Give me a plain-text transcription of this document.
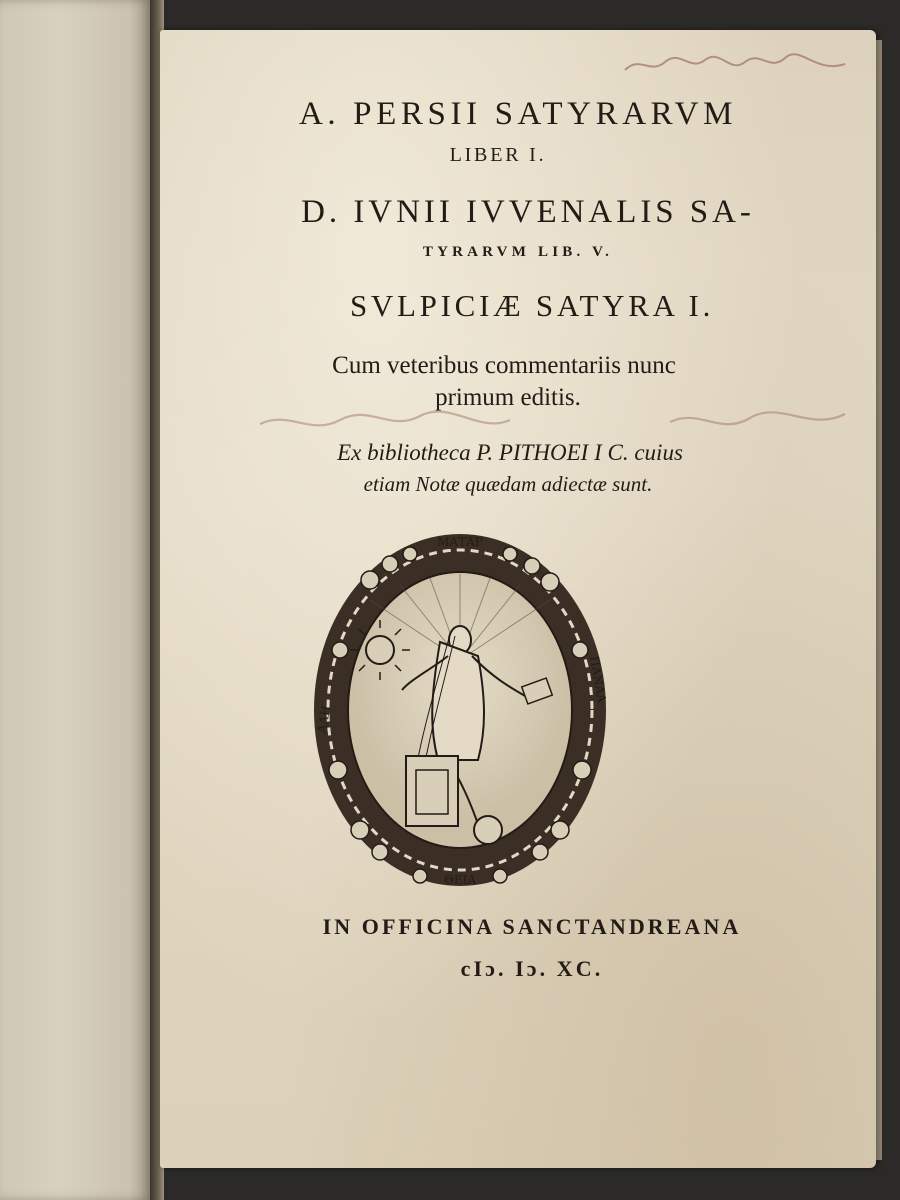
A. PERSII SATYRARVM
LIBER I.
D. IVNII IVVENALIS SA-
TYRARVM LIB. V.
SVLPICIÆ SATYRA I.
Cum veteribus commentariis nunc
primum editis.
Ex bibliotheca P. PITHOEI I C. cuius
etiam Notæ quædam adiectæ sunt.
ΜΑΤΑΡ
ΑΛΗ
ΠΑΝΑΑ
ΘΕΙΑ
IN OFFICINA SANCTANDREANA
cIɔ. Iɔ. XC.
